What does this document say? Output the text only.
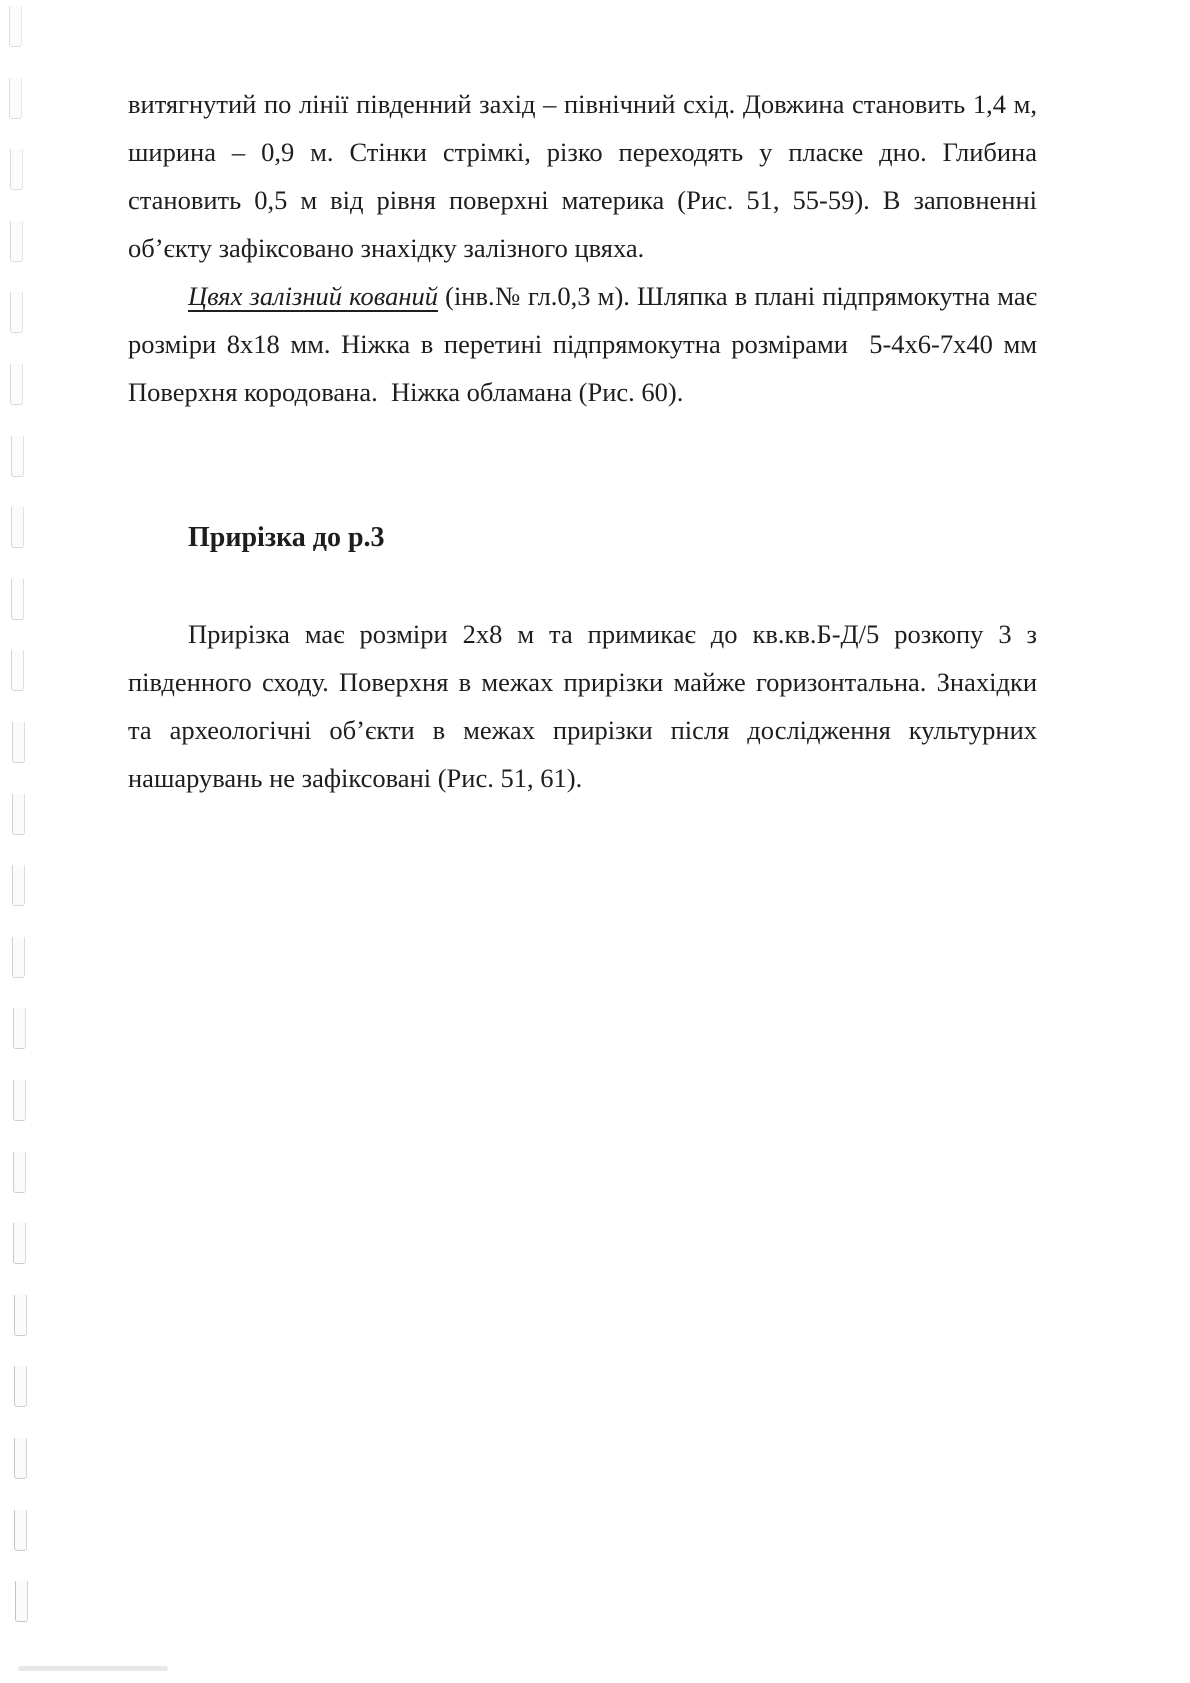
витягнутий по лінії південний захід – північний схід. Довжина становить 1,4 м,
ширина – 0,9 м. Стінки стрімкі, різко переходять у пласке дно. Глибина
становить 0,5 м від рівня поверхні материка (Рис. 51, 55-59). В заповненні
об’єкту зафіксовано знахідку залізного цвяха.
Цвях залізний кований (інв.№ гл.0,3 м). Шляпка в плані підпрямокутна має
розміри 8х18 мм. Ніжка в перетині підпрямокутна розмірами  5-4х6-7х40 мм
Поверхня кородована.  Ніжка обламана (Рис. 60).
Прирізка до р.3
Прирізка має розміри 2х8 м та примикає до кв.кв.Б-Д/5 розкопу 3 з
південного сходу. Поверхня в межах прирізки майже горизонтальна. Знахідки
та археологічні об’єкти в межах прирізки після дослідження культурних
нашарувань не зафіксовані (Рис. 51, 61).
